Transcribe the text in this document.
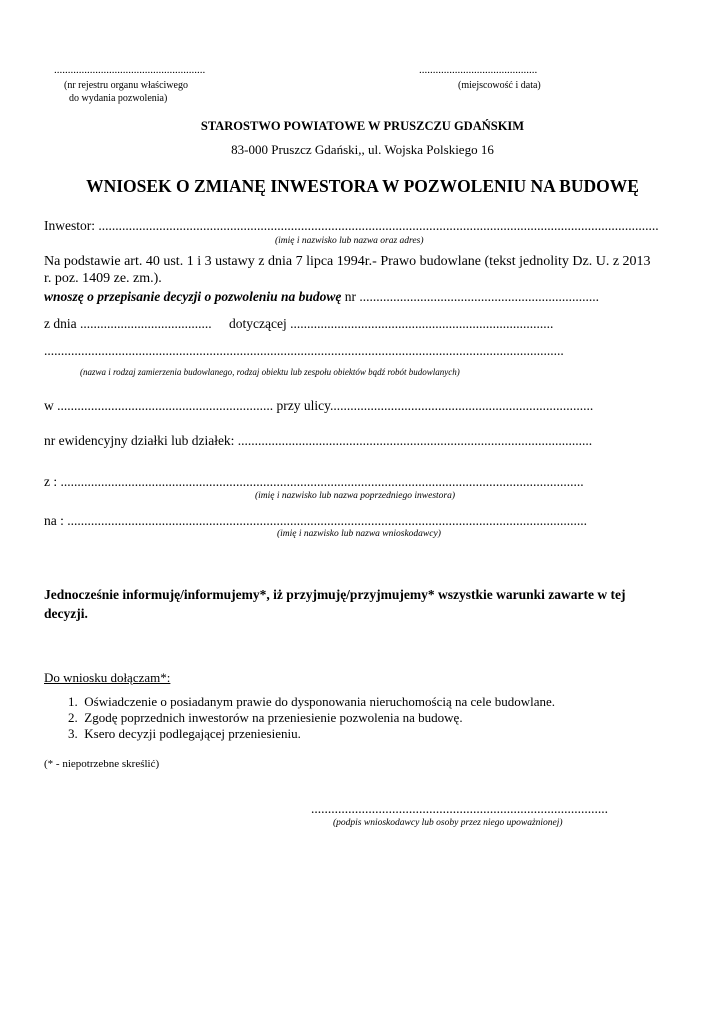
.......................................................
(nr rejestru organu właściwego
do wydania pozwolenia)
...........................................
(miejscowość i data)
STAROSTWO POWIATOWE W PRUSZCZU GDAŃSKIM
83-000 Pruszcz Gdański,, ul. Wojska Polskiego 16
WNIOSEK O ZMIANĘ INWESTORA W POZWOLENIU NA BUDOWĘ
Inwestor: ......................................................................................................................................................................
(imię i nazwisko lub nazwa oraz adres)
Na podstawie art. 40 ust. 1 i 3 ustawy z dnia 7 lipca 1994r.- Prawo budowlane (tekst jednolity Dz. U. z 2013
r. poz. 1409 ze. zm.).
wnoszę o przepisanie decyzji o pozwoleniu na budowę nr .......................................................................
z dnia ....................................... dotyczącej ..............................................................................
..........................................................................................................................................................
(nazwa i rodzaj zamierzenia budowlanego, rodzaj obiektu lub zespołu obiektów bądź robót budowlanych)
w ................................................................ przy ulicy..............................................................................
nr ewidencyjny działki lub działek: .........................................................................................................
z : ...........................................................................................................................................................
(imię i nazwisko lub nazwa poprzedniego inwestora)
na : ..........................................................................................................................................................
(imię i nazwisko lub nazwa wnioskodawcy)
Jednocześnie informuję/informujemy*, iż przyjmuję/przyjmujemy* wszystkie warunki zawarte w tej
decyzji.
Do wniosku dołączam*:
1. Oświadczenie o posiadanym prawie do dysponowania nieruchomością na cele budowlane.
2. Zgodę poprzednich inwestorów na przeniesienie pozwolenia na budowę.
3. Ksero decyzji podlegającej przeniesieniu.
(* - niepotrzebne skreślić)
........................................................................................
(podpis wnioskodawcy lub osoby przez niego upoważnionej)
